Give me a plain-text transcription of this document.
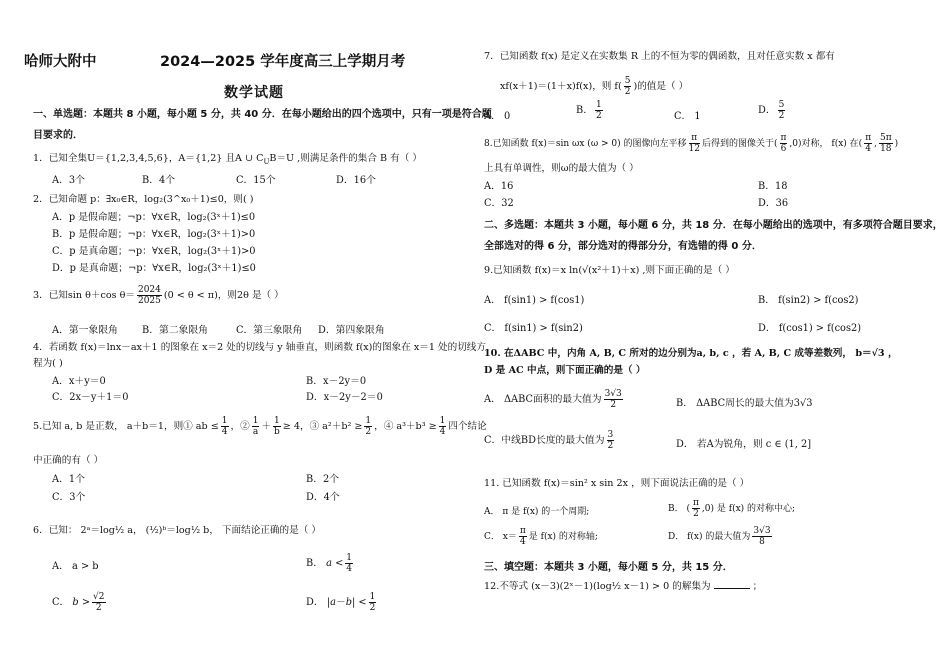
哈师大附中	2024—2025 学年度高三上学期月考
数学试题
一、单选题：本题共 8 小题，每小题 5 分，共 40 分．在每小题给出的四个选项中，只有一项是符合题
目要求的．
1．已知全集U＝{1,2,3,4,5,6}，A＝{1,2} 且A ∪ $C_UB=U$ ,则满足条件的集合 B 有（ ）
A．3个	B．4个	C．15个	D．16个
2．已知命题 p：∃x₀∈R，log₂(3^x₀＋1)≤0，则( )
A．p 是假命题；¬p：∀x∈R，log₂(3ˣ＋1)≤0
B．p 是假命题；¬p：∀x∈R，log₂(3ˣ＋1)>0
C．p 是真命题；¬p：∀x∈R，log₂(3ˣ＋1)>0
D．p 是真命题；¬p：∀x∈R，log₂(3ˣ＋1)≤0
3．已知sin θ＋cos $\theta= \frac{2024}{2025} (0 < \theta < \pi)$，则2θ 是（ ）
A．第一象限角 B．第二象限角	C．第三象限角 D．第四象限角
4．若函数 f(x)＝lnx－ax＋1 的图象在 x＝2 处的切线与 y 轴垂直，则函数 f(x)的图象在 x＝1 处的切线方
程为( )
A．x＋y＝0	B．x－2y＝0
C．2x－y＋1＝0	D．x－2y－2＝0
5.已知 a, b 是正数， a＋b＝1，则① ab ≤ $\frac{1}{4}$ ，② $\frac{1}{a} + \frac{1}{b} \ge 4$，③ $a^2+b^2 \ge \frac{1}{2}$ ，④ $a^3+b^3 \ge \frac{1}{4}$ 四个结论
中正确的有（ ）
A．1个	B．2个
C．3个	D．4个
6．已知： 2ᵃ＝log½ a， (½)ᵇ＝log½ b， 下面结论正确的是（ ）
A． a > b	B． $a < \frac{1}{4}$
C． $b > \frac{√2}{2}$	D． $|a-b| < \frac{1}{2}$
7．已知函数 f(x) 是定义在实数集 R 上的不恒为零的偶函数，且对任意实数 x 都有
xf(x＋1)＝(1＋x)f(x)，则 $f( \frac{5}{2}$ )的值是（ ）
A． 0
B． $\frac{1}{2}$	C． 1
D． $\frac{5}{2}$
8.已知函数 f(x)＝sin ωx (ω > 0) 的图像向左平移 $\frac{\pi}{12}$ 后得到的图像关于( $\frac{\pi}{6} ,0$)对称， f(x) 在( $\frac{\pi}{4}$ , $\frac{5\pi}{18}$ )
上具有单调性，则ω的最大值为（ ）
A．16	B．18
C．32	D．36
二、多选题：本题共 3 小题，每小题 6 分，共 18 分．在每小题给出的选项中，有多项符合题目要求，
全部选对的得 6 分，部分选对的得部分分，有选错的得 0 分．
9.已知函数 f(x)＝x ln(√(x²＋1)＋x) ,则下面正确的是（ ）
A． f(sin1) > f(cos1)	B． f(sin2) > f(cos2)
C． f(sin1) > f(sin2)	D． f(cos1) > f(cos2)
10. 在ΔABC 中，内角 A, B, C 所对的边分别为a, b, c ，若 A, B, C 成等差数列， b＝√3 ，
D 是 AC 中点，则下面正确的是（ ）
A． ΔABC面积的最大值为 $\frac{3√3}{2}$	B． ΔABC周长的最大值为3√3
C．中线BD长度的最大值为 $\frac{3}{2}$	D． 若A为锐角，则 c ∈ (1, 2]
11. 已知函数 f(x)＝sin² x sin 2x ，则下面说法正确的是（ ）
A． π 是 f(x) 的一个周期;	B． ( $\frac{\pi}{2} ,0$) 是 f(x) 的对称中心;
C． $x= \frac{\pi}{4}$ 是 f(x) 的对称轴;	D． f(x) 的最大值为 $\frac{3√3}{8}$
三、填空题：本题共 3 小题，每小题 5 分，共 15 分．
12.不等式 (x－3)(2ˣ－1)(log½ x－1) > 0 的解集为	；
